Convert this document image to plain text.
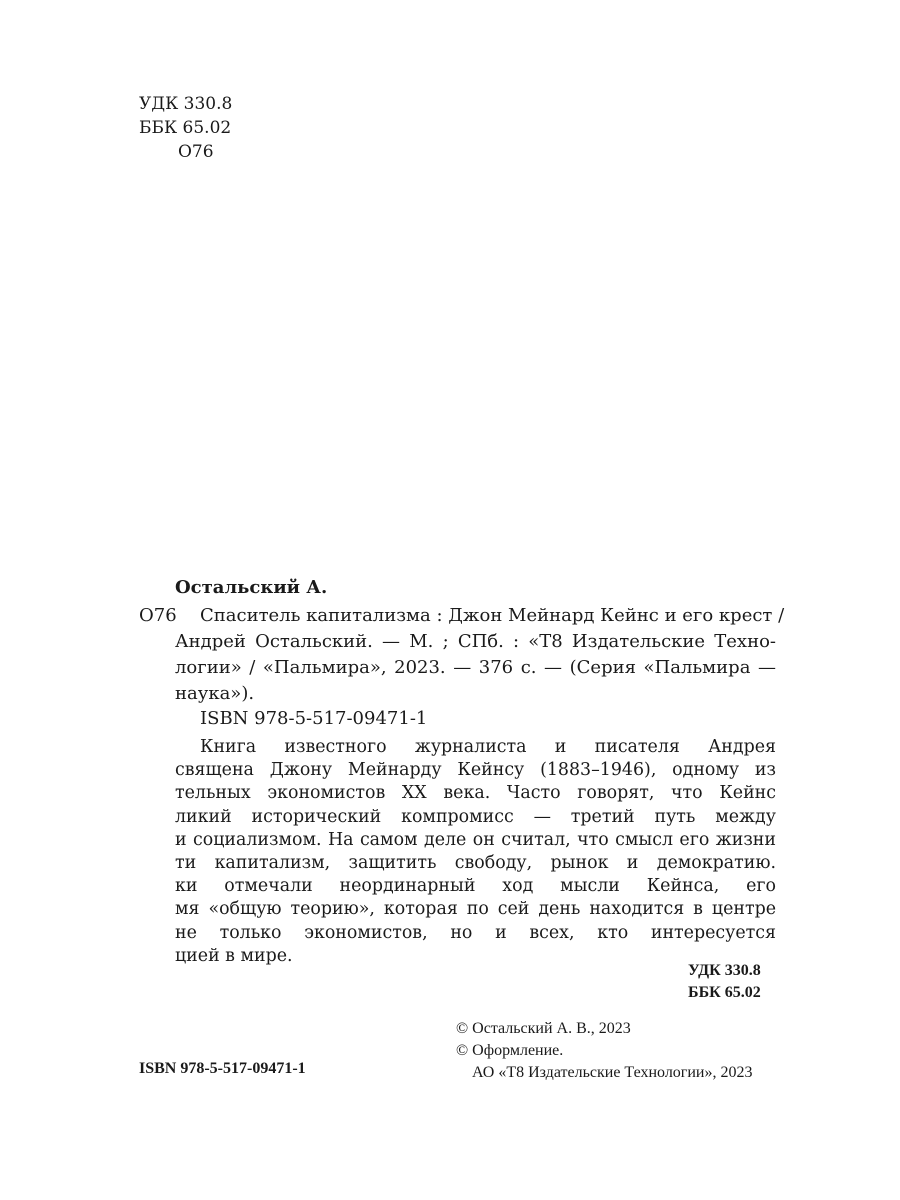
УДК 330.8
ББК 65.02
О76
Остальский А.
О76	Спаситель капитализма : Джон Мейнард Кейнс и его крест /
Андрей Остальский. — М. ; СПб. : «Т8 Издательские Техно-
логии» / «Пальмира», 2023. — 376 с. — (Серия «Пальмира —
наука»).
ISBN 978-5-517-09471-1
Книга известного журналиста и писателя Андрея
священа Джону Мейнарду Кейнсу (1883–1946), одному из
тельных экономистов XX века. Часто говорят, что Кейнс
ликий исторический компромисс — третий путь между
и социализмом. На самом деле он считал, что смысл его жизни
ти капитализм, защитить свободу, рынок и демократию.
ки отмечали неординарный ход мысли Кейнса, его
мя «общую теорию», которая по сей день находится в центре
не только экономистов, но и всех, кто интересуется
цией в мире.
УДК 330.8
ББК 65.02
© Остальский А. В., 2023
© Оформление.
АО «Т8 Издательские Технологии», 2023
ISBN 978-5-517-09471-1
